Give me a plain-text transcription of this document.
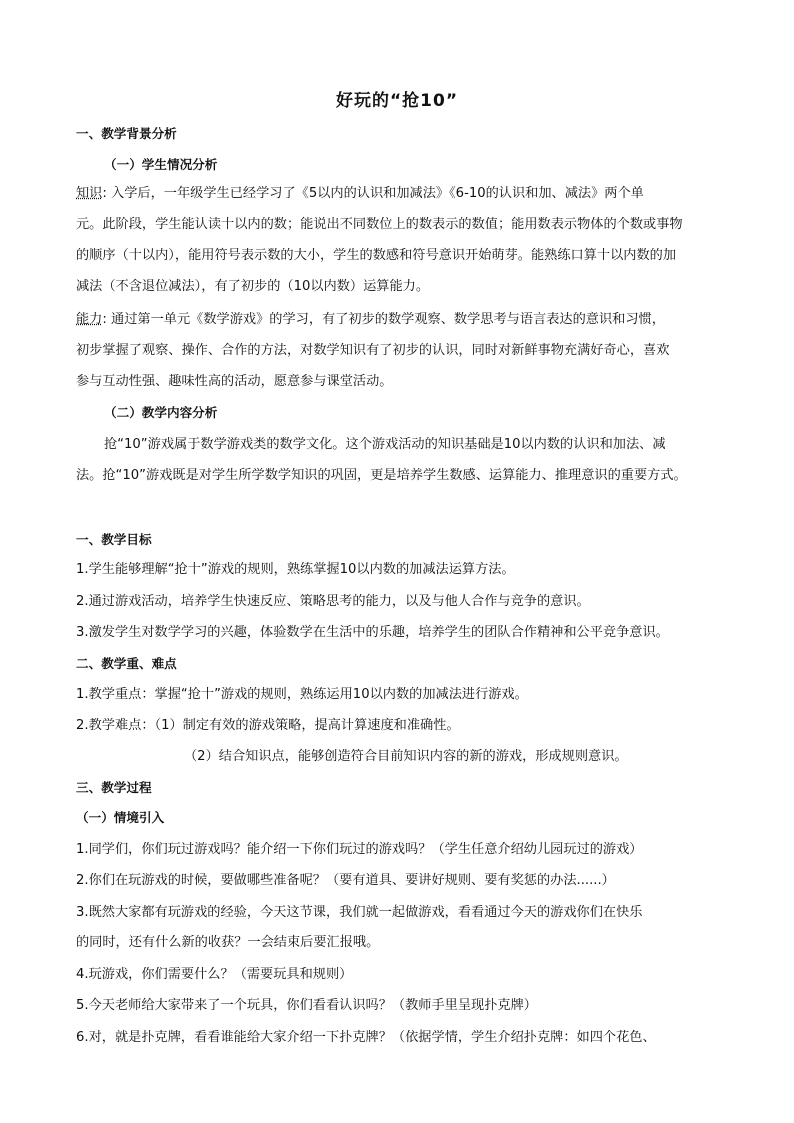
好玩的“抢10”
一、教学背景分析
（一）学生情况分析
知识: 入学后，一年级学生已经学习了《5以内的认识和加减法》《6-10的认识和加、减法》两个单
元。此阶段，学生能认读十以内的数；能说出不同数位上的数表示的数值；能用数表示物体的个数或事物
的顺序（十以内），能用符号表示数的大小，学生的数感和符号意识开始萌芽。能熟练口算十以内数的加
减法（不含退位减法），有了初步的（10以内数）运算能力。
能力: 通过第一单元《数学游戏》的学习，有了初步的数学观察、数学思考与语言表达的意识和习惯，
初步掌握了观察、操作、合作的方法，对数学知识有了初步的认识，同时对新鲜事物充满好奇心，喜欢
参与互动性强、趣味性高的活动，愿意参与课堂活动。
（二）教学内容分析
抢“10”游戏属于数学游戏类的数学文化。这个游戏活动的知识基础是10以内数的认识和加法、减
法。抢“10”游戏既是对学生所学数学知识的巩固，更是培养学生数感、运算能力、推理意识的重要方式。
一、教学目标
1.学生能够理解“抢十”游戏的规则，熟练掌握10以内数的加减法运算方法。
2.通过游戏活动，培养学生快速反应、策略思考的能力，以及与他人合作与竞争的意识。
3.激发学生对数学学习的兴趣，体验数学在生活中的乐趣，培养学生的团队合作精神和公平竞争意识。
二、教学重、难点
1.教学重点：掌握“抢十”游戏的规则，熟练运用10以内数的加减法进行游戏。
2.教学难点：（1）制定有效的游戏策略，提高计算速度和准确性。
（2）结合知识点，能够创造符合目前知识内容的新的游戏，形成规则意识。
三、教学过程
（一）情境引入
1.同学们，你们玩过游戏吗？能介绍一下你们玩过的游戏吗？（学生任意介绍幼儿园玩过的游戏）
2.你们在玩游戏的时候，要做哪些准备呢？（要有道具、要讲好规则、要有奖惩的办法......）
3.既然大家都有玩游戏的经验，今天这节课，我们就一起做游戏，看看通过今天的游戏你们在快乐
的同时，还有什么新的收获？一会结束后要汇报哦。
4.玩游戏，你们需要什么？（需要玩具和规则）
5.今天老师给大家带来了一个玩具，你们看看认识吗？（教师手里呈现扑克牌）
6.对，就是扑克牌，看看谁能给大家介绍一下扑克牌？（依据学情，学生介绍扑克牌：如四个花色、
